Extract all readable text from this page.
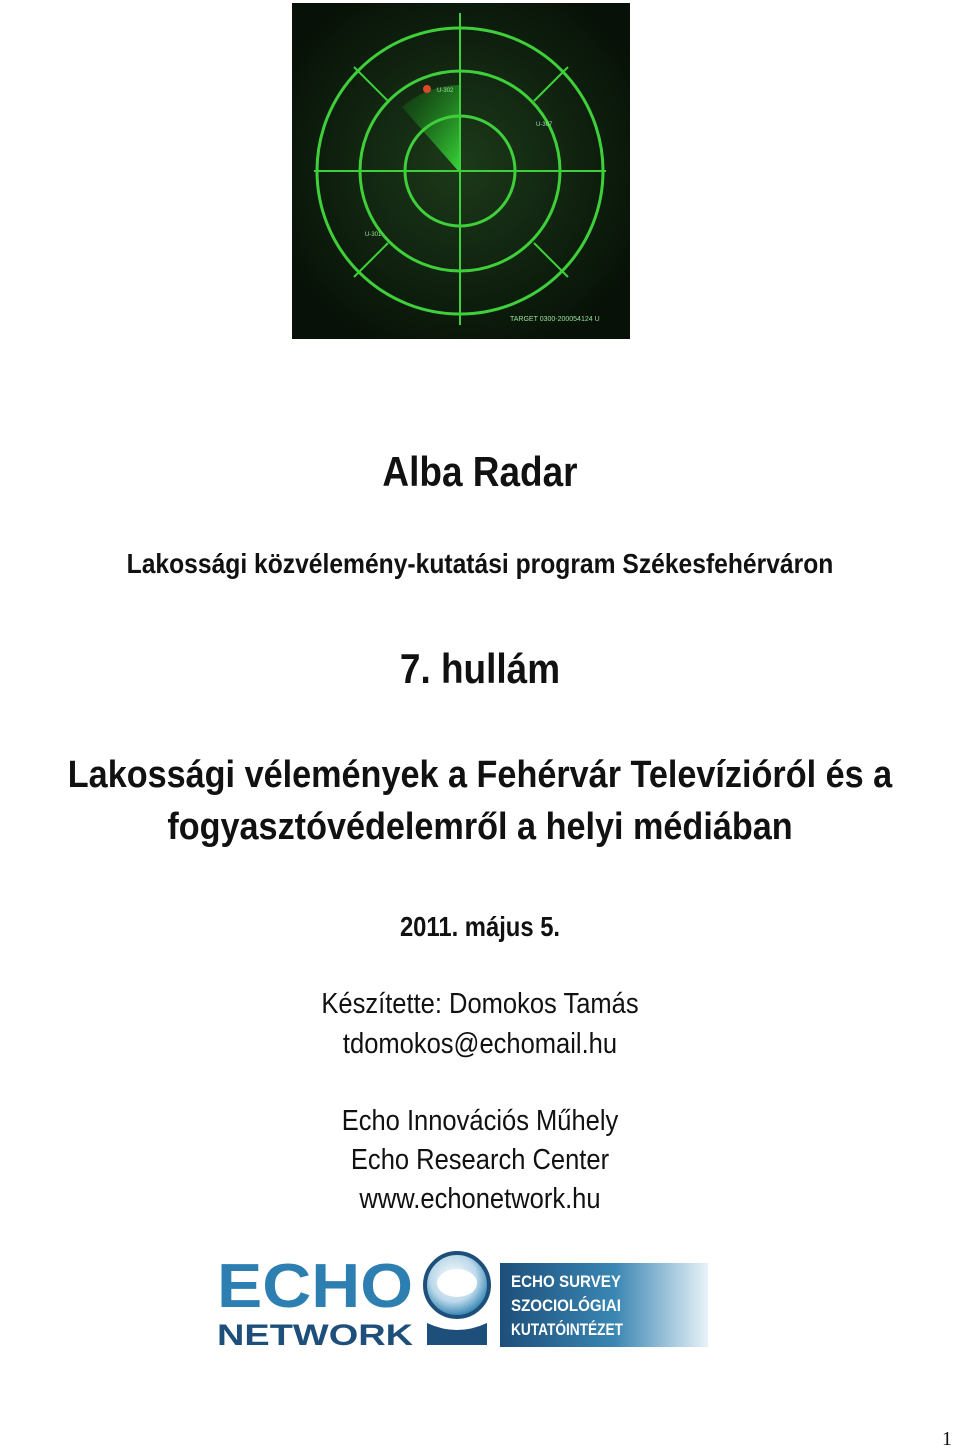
U-302
U-307
U-301
TARGET 0300-200054124 U
Alba Radar
Lakossági közvélemény-kutatási program Székesfehérváron
7. hullám
Lakossági vélemények a Fehérvár Televízióról és a
fogyasztóvédelemről a helyi médiában
2011. május 5.
Készítette: Domokos Tamás
tdomokos@echomail.hu
Echo Innovációs Műhely
Echo Research Center
www.echonetwork.hu
ECHO
NETWORK
ECHO SURVEY
SZOCIOLÓGIAI
KUTATÓINTÉZET
1
